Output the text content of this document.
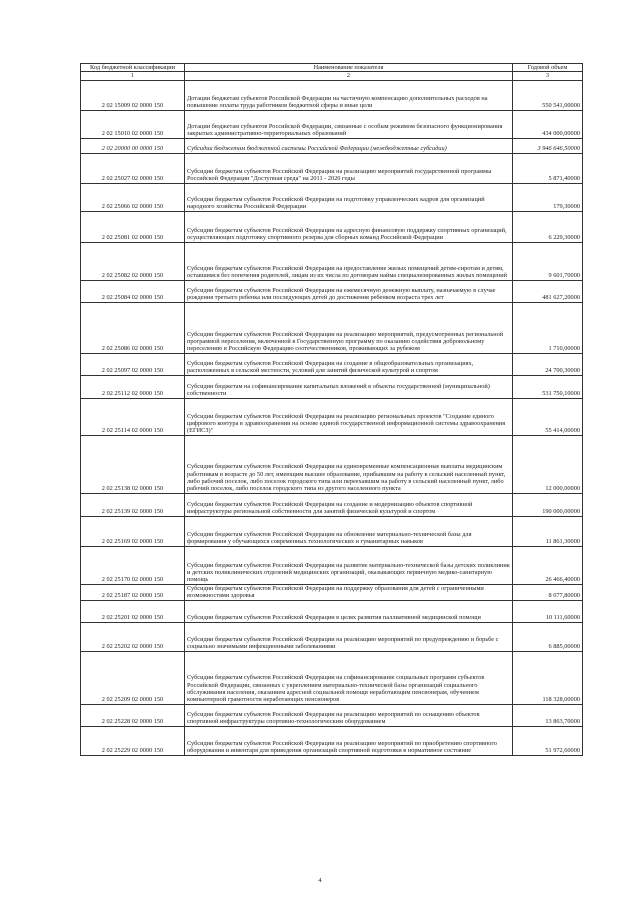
Код бюджетной классификации	Наименование показателя	Годовой объем
1	2	3
2 02 15009 02 0000 150	Дотации бюджетам субъектов Российской Федерации на частичную компенсацию дополнительных расходов на повышение оплаты труда работников бюджетной сферы и иные цели	550 541,00000
2 02 15010 02 0000 150	Дотации бюджетам субъектов Российской Федерации, связанные с особым режимом безопасного функционирования закрытых административно-территориальных образований	434 000,00000
2 02 20000 00 0000 150	Субсидии бюджетам бюджетной системы Российской Федерации (межбюджетные субсидии)	3 946 646,50000
2 02 25027 02 0000 150	Субсидии бюджетам субъектов Российской Федерации на реализацию мероприятий государственной программы Российской Федерации "Доступная среда" на 2011 - 2020 годы	5 871,40000
2 02 25066 02 0000 150	Субсидии бюджетам субъектов Российской Федерации на подготовку управленческих кадров для организаций народного хозяйства Российской Федерации	179,30000
2 02 25081 02 0000 150	Субсидии бюджетам субъектов Российской Федерации на адресную финансовую поддержку спортивных организаций, осуществляющих подготовку спортивного резерва для сборных команд Российской Федерации	6 229,30000
2 02 25082 02 0000 150	Субсидии бюджетам субъектов Российской Федерации на предоставление жилых помещений детям-сиротам и детям, оставшимся без попечения родителей, лицам из их числа по договорам найма специализированных жилых помещений	9 601,70000
2 02 25084 02 0000 150	Субсидии бюджетам субъектов Российской Федерации на ежемесячную денежную выплату, назначаемую в случае рождения третьего ребенка или последующих детей до достижения ребенком возраста трех лет	481 627,20000
2 02 25086 02 0000 150	Субсидии бюджетам субъектов Российской Федерации на реализацию мероприятий, предусмотренных региональной программой переселения, включенной в Государственную программу по оказанию содействия добровольному переселению в Российскую Федерацию соотечественников, проживающих за рубежом	1 710,00000
2 02 25097 02 0000 150	Субсидии бюджетам субъектов Российской Федерации на создание в общеобразовательных организациях, расположенных в сельской местности, условий для занятий физической культурой и спортом	24 700,30000
2 02 25112 02 0000 150	Субсидии бюджетам на софинансирование капитальных вложений в объекты государственной (муниципальной) собственности	531 750,10000
2 02 25114 02 0000 150	Субсидии бюджетам субъектов Российской Федерации на реализацию региональных проектов "Создание единого цифрового контура в здравоохранении на основе единой государственной информационной системы здравоохранения (ЕГИСЗ)"	55 414,00000
2 02 25138 02 0000 150	Субсидии бюджетам субъектов Российской Федерации на единовременные компенсационные выплаты медицинским работникам в возрасте до 50 лет, имеющим высшее образование, прибывшим на работу в сельский населенный пункт, либо рабочий поселок, либо поселок городского типа или переехавшим на работу в сельский населенный пункт, либо рабочий поселок, либо поселок городского типа из другого населенного пункта	12 000,00000
2 02 25139 02 0000 150	Субсидии бюджетам субъектов Российской Федерации на создание и модернизацию объектов спортивной инфраструктуры региональной собственности для занятий физической культурой и спортом	190 000,00000
2 02 25169 02 0000 150	Субсидии бюджетам субъектов Российской Федерации на обновление материально-технической базы для формирования у обучающихся современных технологических и гуманитарных навыков	11 861,30000
2 02 25170 02 0000 150	Субсидии бюджетам субъектов Российской Федерации на развитие материально-технической базы детских поликлиник и детских поликлинических отделений медицинских организаций, оказывающих первичную медико-санитарную помощь	26 466,40000
2 02 25187 02 0000 150	Субсидии бюджетам субъектов Российской Федерации на поддержку образования для детей с ограниченными возможностями здоровья	8 077,80000
2 02 25201 02 0000 150	Субсидии бюджетам субъектов Российской Федерации в целях развития паллиативной медицинской помощи	10 111,60000
2 02 25202 02 0000 150	Субсидии бюджетам субъектов Российской Федерации на реализацию мероприятий по предупреждению и борьбе с социально значимыми инфекционными заболеваниями	6 885,00000
2 02 25209 02 0000 150	Субсидии бюджетам субъектов Российской Федерации на софинансирование социальных программ субъектов Российской Федерации, связанных с укреплением материально-технической базы организаций социального обслуживания населения, оказанием адресной социальной помощи неработающим пенсионерам, обучением компьютерной грамотности неработающих пенсионеров	118 328,00000
2 02 25228 02 0000 150	Субсидии бюджетам субъектов Российской Федерации на реализацию мероприятий по оснащению объектов спортивной инфраструктуры спортивно-технологическим оборудованием	13 863,70000
2 02 25229 02 0000 150	Субсидии бюджетам субъектов Российской Федерации на реализацию мероприятий по приобретению спортивного оборудования и инвентаря для приведения организаций спортивной подготовки в нормативное состояние	51 972,60000
4
